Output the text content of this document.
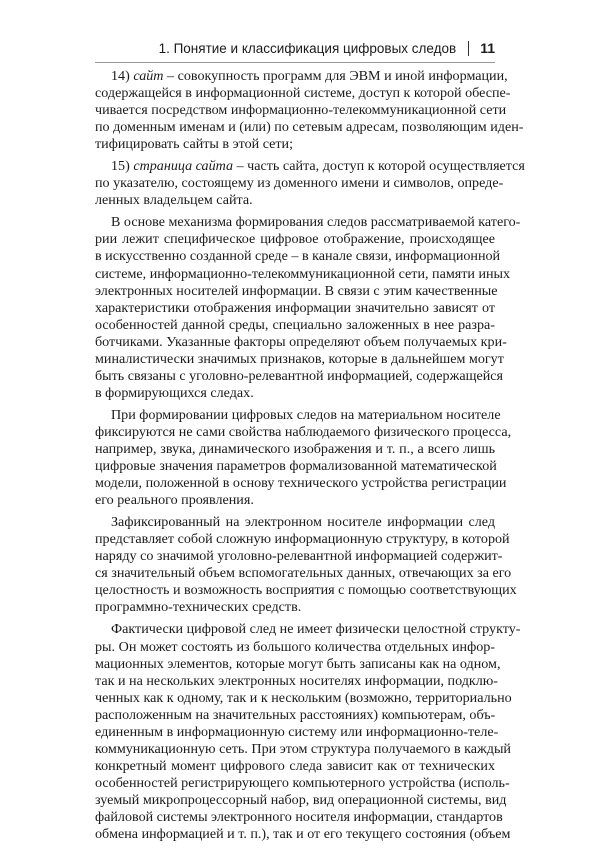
1. Понятие и классификация цифровых следов 11
14) сайт – совокупность программ для ЭВМ и иной информации,
содержащейся в информационной системе, доступ к которой обеспе-
чивается посредством информационно-телекоммуникационной сети
по доменным именам и (или) по сетевым адресам, позволяющим иден-
тифицировать сайты в этой сети;
15) страница сайта – часть сайта, доступ к которой осуществляется
по указателю, состоящему из доменного имени и символов, опреде-
ленных владельцем сайта.
В основе механизма формирования следов рассматриваемой катего-
рии лежит специфическое цифровое отображение, происходящее
в искусственно созданной среде – в канале связи, информационной
системе, информационно-телекоммуникационной сети, памяти иных
электронных носителей информации. В связи с этим качественные
характеристики отображения информации значительно зависят от
особенностей данной среды, специально заложенных в нее разра-
ботчиками. Указанные факторы определяют объем получаемых кри-
миналистически значимых признаков, которые в дальнейшем могут
быть связаны с уголовно-релевантной информацией, содержащейся
в формирующихся следах.
При формировании цифровых следов на материальном носителе
фиксируются не сами свойства наблюдаемого физического процесса,
например, звука, динамического изображения и т. п., а всего лишь
цифровые значения параметров формализованной математической
модели, положенной в основу технического устройства регистрации
его реального проявления.
Зафиксированный на электронном носителе информации след
представляет собой сложную информационную структуру, в которой
наряду со значимой уголовно-релевантной информацией содержит-
ся значительный объем вспомогательных данных, отвечающих за его
целостность и возможность восприятия с помощью соответствующих
программно-технических средств.
Фактически цифровой след не имеет физически целостной структу-
ры. Он может состоять из большого количества отдельных инфор-
мационных элементов, которые могут быть записаны как на одном,
так и на нескольких электронных носителях информации, подклю-
ченных как к одному, так и к нескольким (возможно, территориально
расположенным на значительных расстояниях) компьютерам, объ-
единенным в информационную систему или информационно-теле-
коммуникационную сеть. При этом структура получаемого в каждый
конкретный момент цифрового следа зависит как от технических
особенностей регистрирующего компьютерного устройства (исполь-
зуемый микропроцессорный набор, вид операционной системы, вид
файловой системы электронного носителя информации, стандартов
обмена информацией и т. п.), так и от его текущего состояния (объем
